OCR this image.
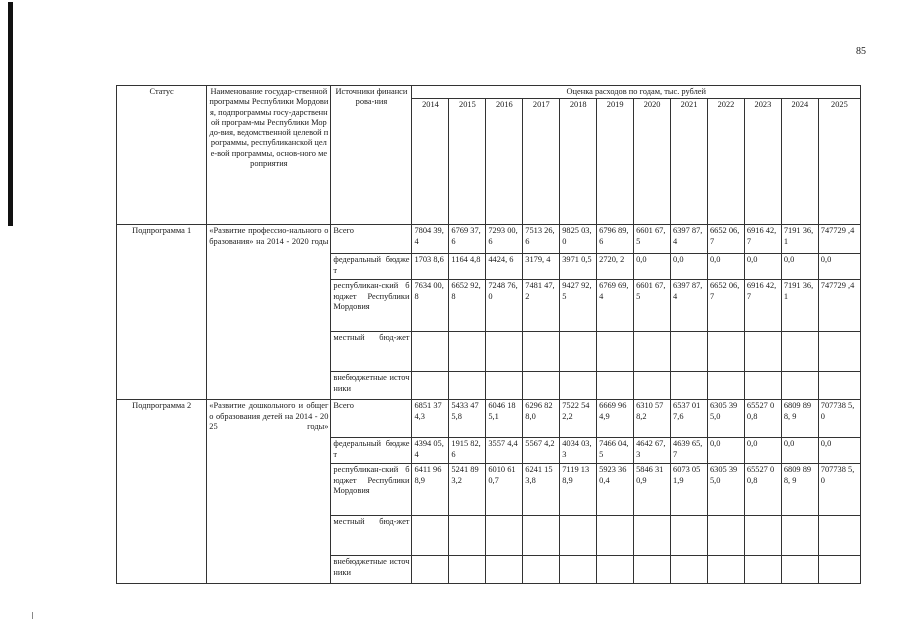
85
Статус	Наименование государ-ственной программы Республики Мордовия, подпрограммы госу-дарственной програм-мы Республики Мордо-вия, ведомственной целевой программы, республиканской целе-вой программы, основ-ного мероприятия	Источники финансирова-ния	Оценка расходов по годам, тыс. рублей											
			2014	2015	2016	2017	2018	2019	2020	2021	2022	2023	2024	2025
Подпрограмма 1	«Развитие профессио-нального образования» на 2014 - 2020 годы	Всего	7804 39,4	6769 37,6	7293 00,6	7513 26,6	9825 03,0	6796 89,6	6601 67,5	6397 87,4	6652 06,7	6916 42,7	7191 36,1	747729 ,4
		федеральный бюджет	1703 8,6	1164 4,8	4424, 6	3179, 4	3971 0,5	2720, 2	0,0	0,0	0,0	0,0	0,0	0,0
		республикан-ский бюджет Республики Мордовия	7634 00,8	6652 92,8	7248 76,0	7481 47,2	9427 92,5	6769 69,4	6601 67,5	6397 87,4	6652 06,7	6916 42,7	7191 36,1	747729 ,4
		местный бюд-жет												
		внебюджетные источники												
Подпрограмма 2	«Развитие дошкольного и общего образования детей на 2014 - 2025 годы»	Всего	6851 374,3	5433 475,8	6046 185,1	6296 828,0	7522 542,2	6669 964,9	6310 578,2	6537 017,6	6305 395,0	65527 00,8	6809 898, 9	707738 5,0
		федеральный бюджет	4394 05,4	1915 82,6	3557 4,4	5567 4,2	4034 03,3	7466 04,5	4642 67,3	4639 65,7	0,0	0,0	0,0	0,0
		республикан-ский бюджет Республики Мордовия	6411 968,9	5241 893,2	6010 610,7	6241 153,8	7119 138,9	5923 360,4	5846 310,9	6073 051,9	6305 395,0	65527 00,8	6809 898, 9	707738 5,0
		местный бюд-жет												
		внебюджетные источники												
